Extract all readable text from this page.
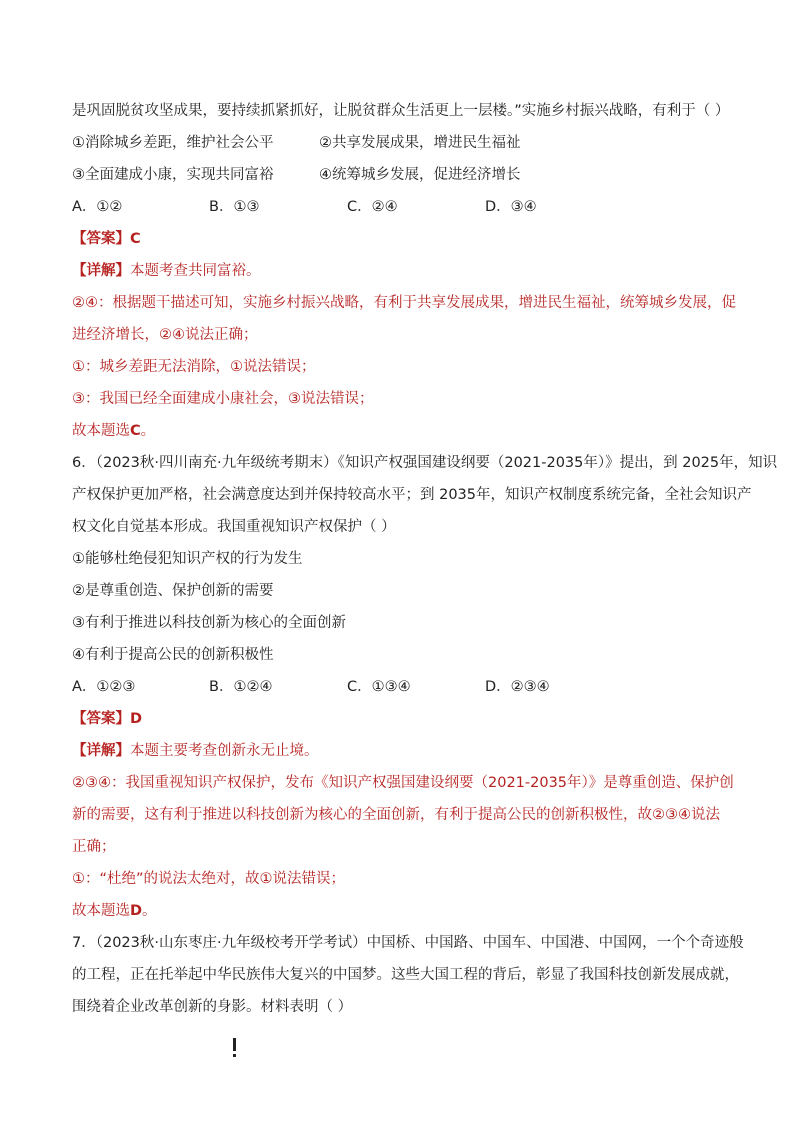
是巩固脱贫攻坚成果，要持续抓紧抓好，让脱贫群众生活更上一层楼。”实施乡村振兴战略，有利于（ ）
①消除城乡差距，维护社会公平	②共享发展成果，增进民生福祉
③全面建成小康，实现共同富裕	④统筹城乡发展，促进经济增长
A．①②	B．①③	C．②④	D．③④
【答案】C
【详解】本题考查共同富裕。
②④：根据题干描述可知，实施乡村振兴战略，有利于共享发展成果，增进民生福祉，统筹城乡发展，促
进经济增长，②④说法正确；
①：城乡差距无法消除，①说法错误；
③：我国已经全面建成小康社会，③说法错误；
故本题选C。
6．（2023秋·四川南充·九年级统考期末）《知识产权强国建设纲要（2021-2035年）》提出，到 2025年，知识
产权保护更加严格，社会满意度达到并保持较高水平；到 2035年，知识产权制度系统完备，全社会知识产
权文化自觉基本形成。我国重视知识产权保护（ ）
①能够杜绝侵犯知识产权的行为发生
②是尊重创造、保护创新的需要
③有利于推进以科技创新为核心的全面创新
④有利于提高公民的创新积极性
A．①②③	B．①②④	C．①③④	D．②③④
【答案】D
【详解】本题主要考查创新永无止境。
②③④：我国重视知识产权保护，发布《知识产权强国建设纲要（2021-2035年）》是尊重创造、保护创
新的需要，这有利于推进以科技创新为核心的全面创新，有利于提高公民的创新积极性，故②③④说法
正确；
①：“杜绝”的说法太绝对，故①说法错误；
故本题选D。
7．（2023秋·山东枣庄·九年级校考开学考试）中国桥、中国路、中国车、中国港、中国网，一个个奇迹般
的工程，正在托举起中华民族伟大复兴的中国梦。这些大国工程的背后，彰显了我国科技创新发展成就，
围绕着企业改革创新的身影。材料表明（ ）
